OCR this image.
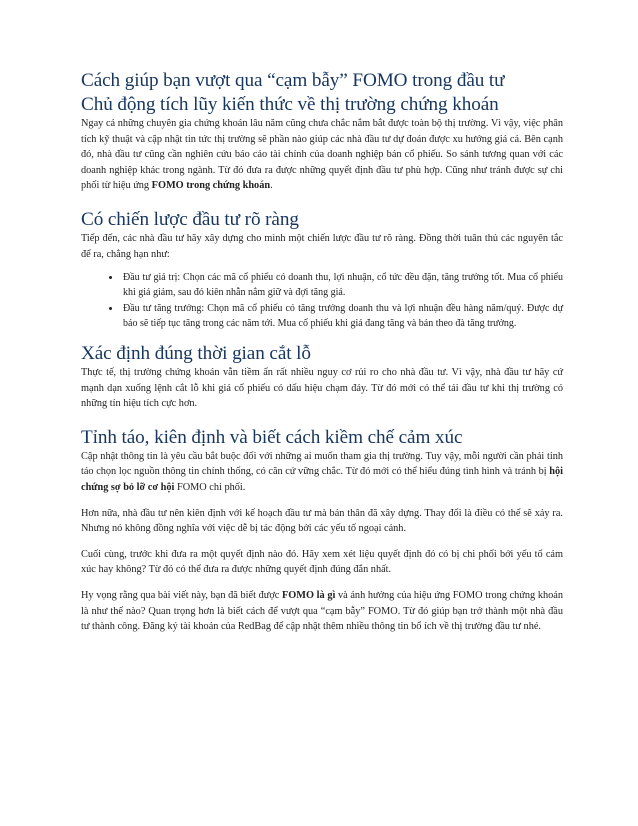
Cách giúp bạn vượt qua “cạm bẫy” FOMO trong đầu tư
Chủ động tích lũy kiến thức về thị trường chứng khoán

Ngay cả những chuyên gia chứng khoán lâu năm cũng chưa chắc nắm bắt được toàn bộ thị trường. Vì vậy, việc phân tích kỹ thuật và cập nhật tin tức thị trường sẽ phần nào giúp các nhà đầu tư dự đoán được xu hướng giá cả. Bên cạnh đó, nhà đầu tư cũng cần nghiên cứu báo cáo tài chính của doanh nghiệp bán cổ phiếu. So sánh tương quan với các doanh nghiệp khác trong ngành. Từ đó đưa ra được những quyết định đầu tư phù hợp. Cũng như tránh được sự chi phối từ hiệu ứng FOMO trong chứng khoán.

Có chiến lược đầu tư rõ ràng

Tiếp đến, các nhà đầu tư hãy xây dựng cho mình một chiến lược đầu tư rõ ràng. Đồng thời tuân thủ các nguyên tắc để ra, chẳng hạn như:

• Đầu tư giá trị: Chọn các mã cổ phiếu có doanh thu, lợi nhuận, cổ tức đều đặn, tăng trưởng tốt. Mua cổ phiếu khi giá giảm, sau đó kiên nhẫn nắm giữ và đợi tăng giá.
• Đầu tư tăng trưởng: Chọn mã cổ phiếu có tăng trưởng doanh thu và lợi nhuận đều hàng năm/quý. Được dự báo sẽ tiếp tục tăng trong các năm tới. Mua cổ phiếu khi giá đang tăng và bán theo đà tăng trưởng.
Xác định đúng thời gian cắt lỗ

Thực tế, thị trường chứng khoán vẫn tiềm ẩn rất nhiều nguy cơ rủi ro cho nhà đầu tư. Vì vậy, nhà đầu tư hãy cứ mạnh dạn xuống lệnh cắt lỗ khi giá cổ phiếu có dấu hiệu chạm đáy. Từ đó mới có thể tái đầu tư khi thị trường có những tín hiệu tích cực hơn.

Tỉnh táo, kiên định và biết cách kiềm chế cảm xúc

Cập nhật thông tin là yêu cầu bắt buộc đối với những ai muốn tham gia thị trường. Tuy vậy, mỗi người cần phải tỉnh táo chọn lọc nguồn thông tin chính thống, có căn cứ vững chắc. Từ đó mới có thể hiểu đúng tình hình và tránh bị hội chứng sợ bỏ lỡ cơ hội FOMO chi phối.

Hơn nữa, nhà đầu tư nên kiên định với kế hoạch đầu tư mà bản thân đã xây dựng. Thay đổi là điều có thể sẽ xảy ra. Nhưng nó không đồng nghĩa với việc dễ bị tác động bởi các yếu tố ngoại cảnh.

Cuối cùng, trước khi đưa ra một quyết định nào đó. Hãy xem xét liệu quyết định đó có bị chi phối bởi yếu tố cảm xúc hay không? Từ đó có thể đưa ra được những quyết định đúng đắn nhất.

Hy vọng rằng qua bài viết này, bạn đã biết được FOMO là gì và ảnh hưởng của hiệu ứng FOMO trong chứng khoán là như thế nào? Quan trọng hơn là biết cách để vượt qua “cạm bẫy” FOMO. Từ đó giúp bạn trở thành một nhà đầu tư thành công. Đăng ký tài khoản của RedBag để cập nhật thêm nhiều thông tin bổ ích về thị trường đầu tư nhé.
